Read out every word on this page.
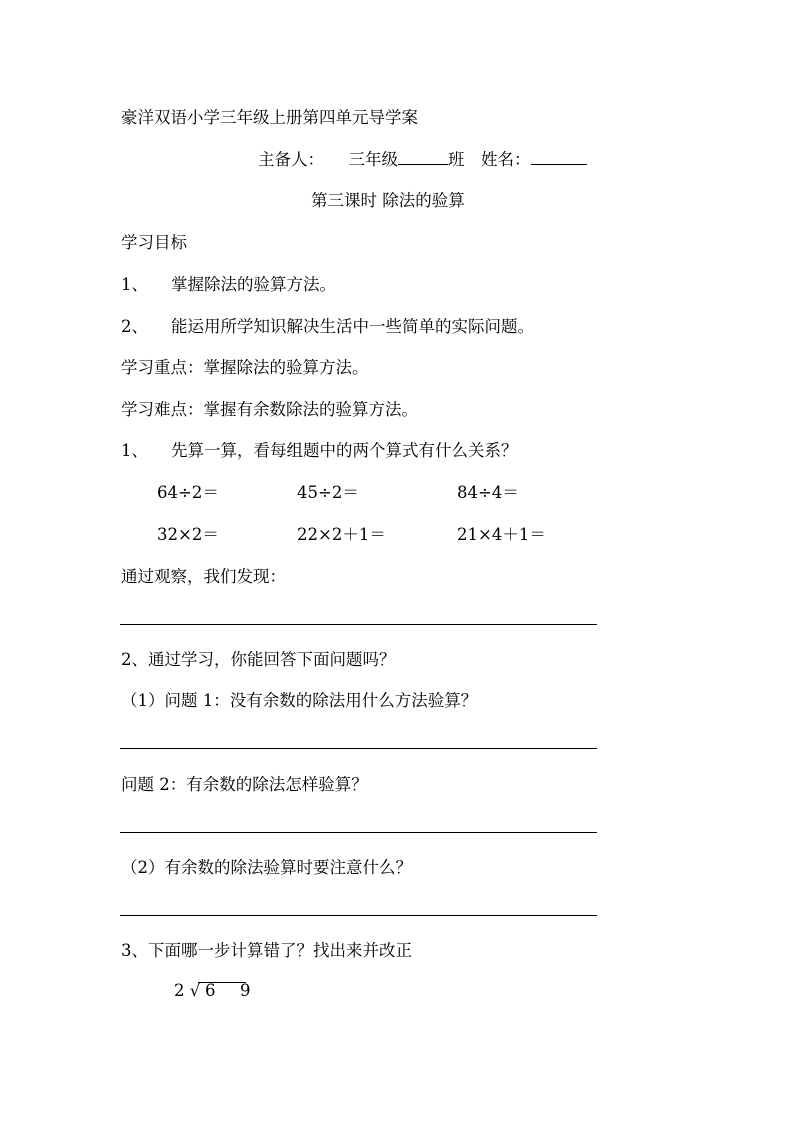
豪洋双语小学三年级上册第四单元导学案
主备人： 三年级	班 姓名：
第三课时 除法的验算
学习目标
1、 掌握除法的验算方法。
2、 能运用所学知识解决生活中一些简单的实际问题。
学习重点：掌握除法的验算方法。
学习难点：掌握有余数除法的验算方法。
1、 先算一算，看每组题中的两个算式有什么关系？
64÷2＝	45÷2＝	84÷4＝
32×2＝	22×2＋1＝	21×4＋1＝
通过观察，我们发现：
2、通过学习，你能回答下面问题吗？
（1）问题 1：没有余数的除法用什么方法验算？
问题 2：有余数的除法怎样验算？
（2）有余数的除法验算时要注意什么？
3、下面哪一步计算错了？找出来并改正
2 √ 6 9
